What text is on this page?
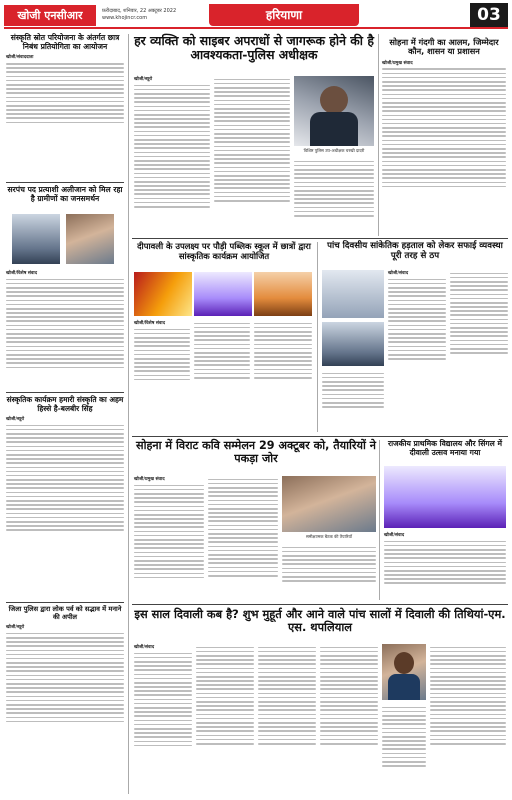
खोजी एनसीआर	फ़रीदाबाद, शनिवार, 22 अक्टूबर 2022
www.khojincr.com	हरियाणा	03
संस्कृति स्रोत परियोजना के अंतर्गत छात्र निबंध प्रतियोगिता का आयोजन
खोजी/संवाददाता
सरपंच पद प्रत्याशी अलीजान को मिल रहा है ग्रामीणों का जनसमर्थन
खोजी/विशेष संवाद
संस्कृतिक कार्यक्रम हमारी संस्कृति का अहम हिस्से है-बलबीर सिंह
खोजी/ब्यूरो
जिला पुलिस द्वारा लोक पर्व को सद्भाव में मनाने की अपील
खोजी/ब्यूरो
हर व्यक्ति को साइबर अपराधों से जागरूक होने की है आवश्यकता-पुलिस अधीक्षक
खोजी/ब्यूरो
विशिष्ट पुलिस उप-अधीक्षक चरखी दादरी
सोहना में गंदगी का आलम, जिम्मेदार कौन, शासन या प्रशासन
खोजी/प्रमुख संवाद
दीपावली के उपलक्ष्य पर पौड़ी पब्लिक स्कूल में छात्रों द्वारा सांस्कृतिक कार्यक्रम आयोजित
खोजी/विशेष संवाद
पांच दिवसीय सांकेतिक हड़ताल को लेकर सफाई व्यवस्था पूरी तरह से ठप
खोजी/संवाद
सोहना में विराट कवि सम्मेलन 29 अक्टूबर को, तैयारियों ने पकड़ा जोर
खोजी/प्रमुख संवाद
समीक्षात्मक बैठक की तैयारियाँ
राजकीय प्राथमिक विद्यालय और सिंगल में दीवाली उत्सव मनाया गया
खोजी/संवाद
इस साल दिवाली कब है? शुभ मुहूर्त और आने वाले पांच सालों में दिवाली की तिथियां-एम. एस. थपलियाल
खोजी/संवाद
